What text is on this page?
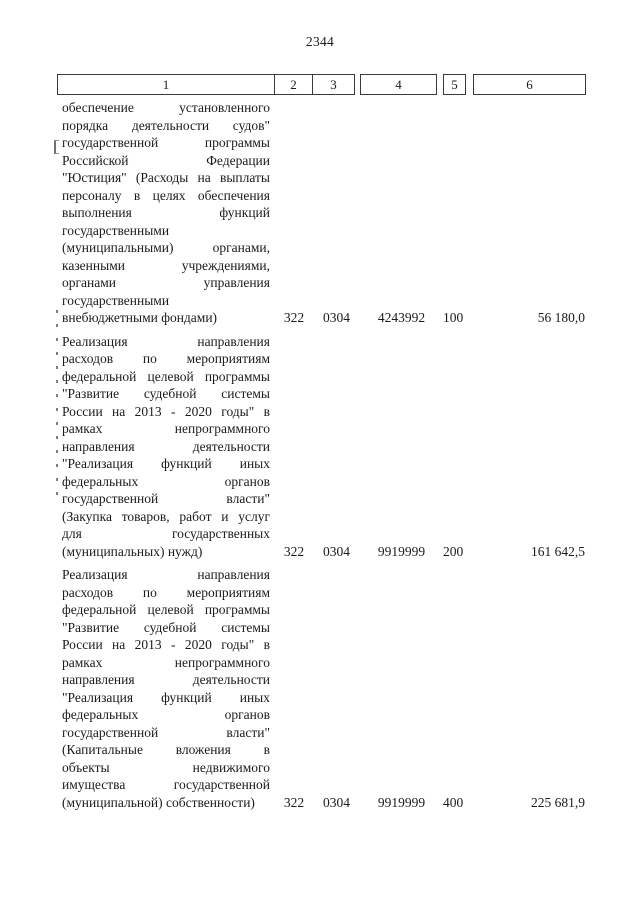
2344
1	2	3	4	5	6
обеспечение установленного
порядка деятельности судов"
государственной программы
Российской Федерации
"Юстиция" (Расходы на выплаты
персоналу в целях обеспечения
выполнения функций
государственными
(муниципальными) органами,
казенными учреждениями,
органами управления
государственными
внебюджетными фондами)	322	0304	4243992	100	56 180,0
Реализация направления
расходов по мероприятиям
федеральной целевой программы
"Развитие судебной системы
России на 2013 - 2020 годы" в
рамках непрограммного
направления деятельности
"Реализация функций иных
федеральных органов
государственной власти"
(Закупка товаров, работ и услуг
для государственных
(муниципальных) нужд)	322	0304	9919999	200	161 642,5
Реализация направления
расходов по мероприятиям
федеральной целевой программы
"Развитие судебной системы
России на 2013 - 2020 годы" в
рамках непрограммного
направления деятельности
"Реализация функций иных
федеральных органов
государственной власти"
(Капитальные вложения в
объекты недвижимого
имущества государственной
(муниципальной) собственности)	322	0304	9919999	400	225 681,9
